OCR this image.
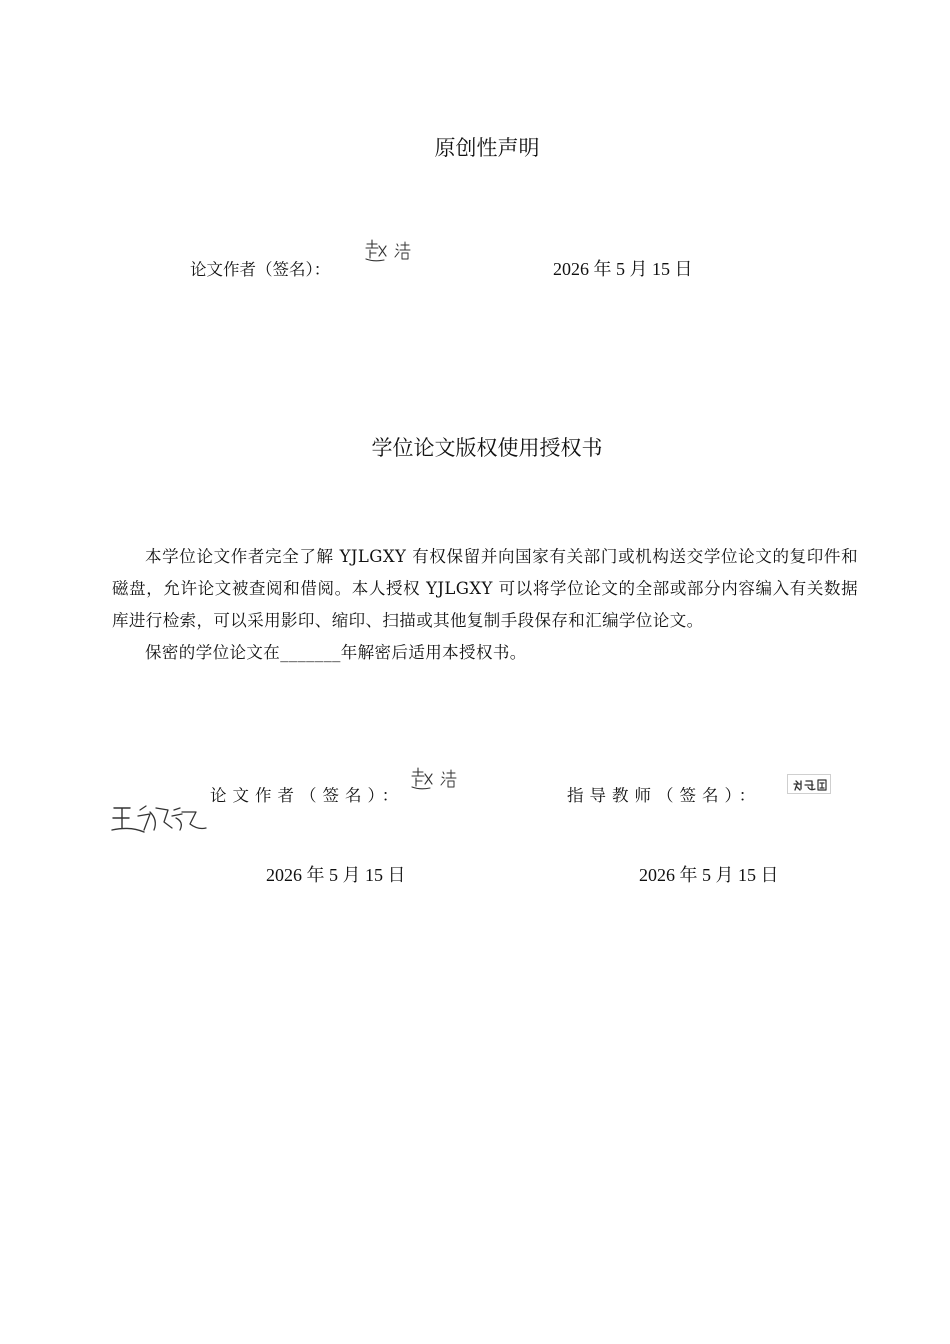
原创性声明
论文作者（签名）：	2026 年 5 月 15 日
学位论文版权使用授权书

本学位论文作者完全了解 YJLGXY 有权保留并向国家有关部门或机构送交学位论文的复印件和磁盘，允许论文被查阅和借阅。本人授权 YJLGXY 可以将学位论文的全部或部分内容编入有关数据库进行检索，可以采用影印、缩印、扫描或其他复制手段保存和汇编学位论文。

保密的学位论文在_______年解密后适用本授权书。

论文作者（签名）：	指导教师（签名）：
2026 年 5 月 15 日	2026 年 5 月 15 日
